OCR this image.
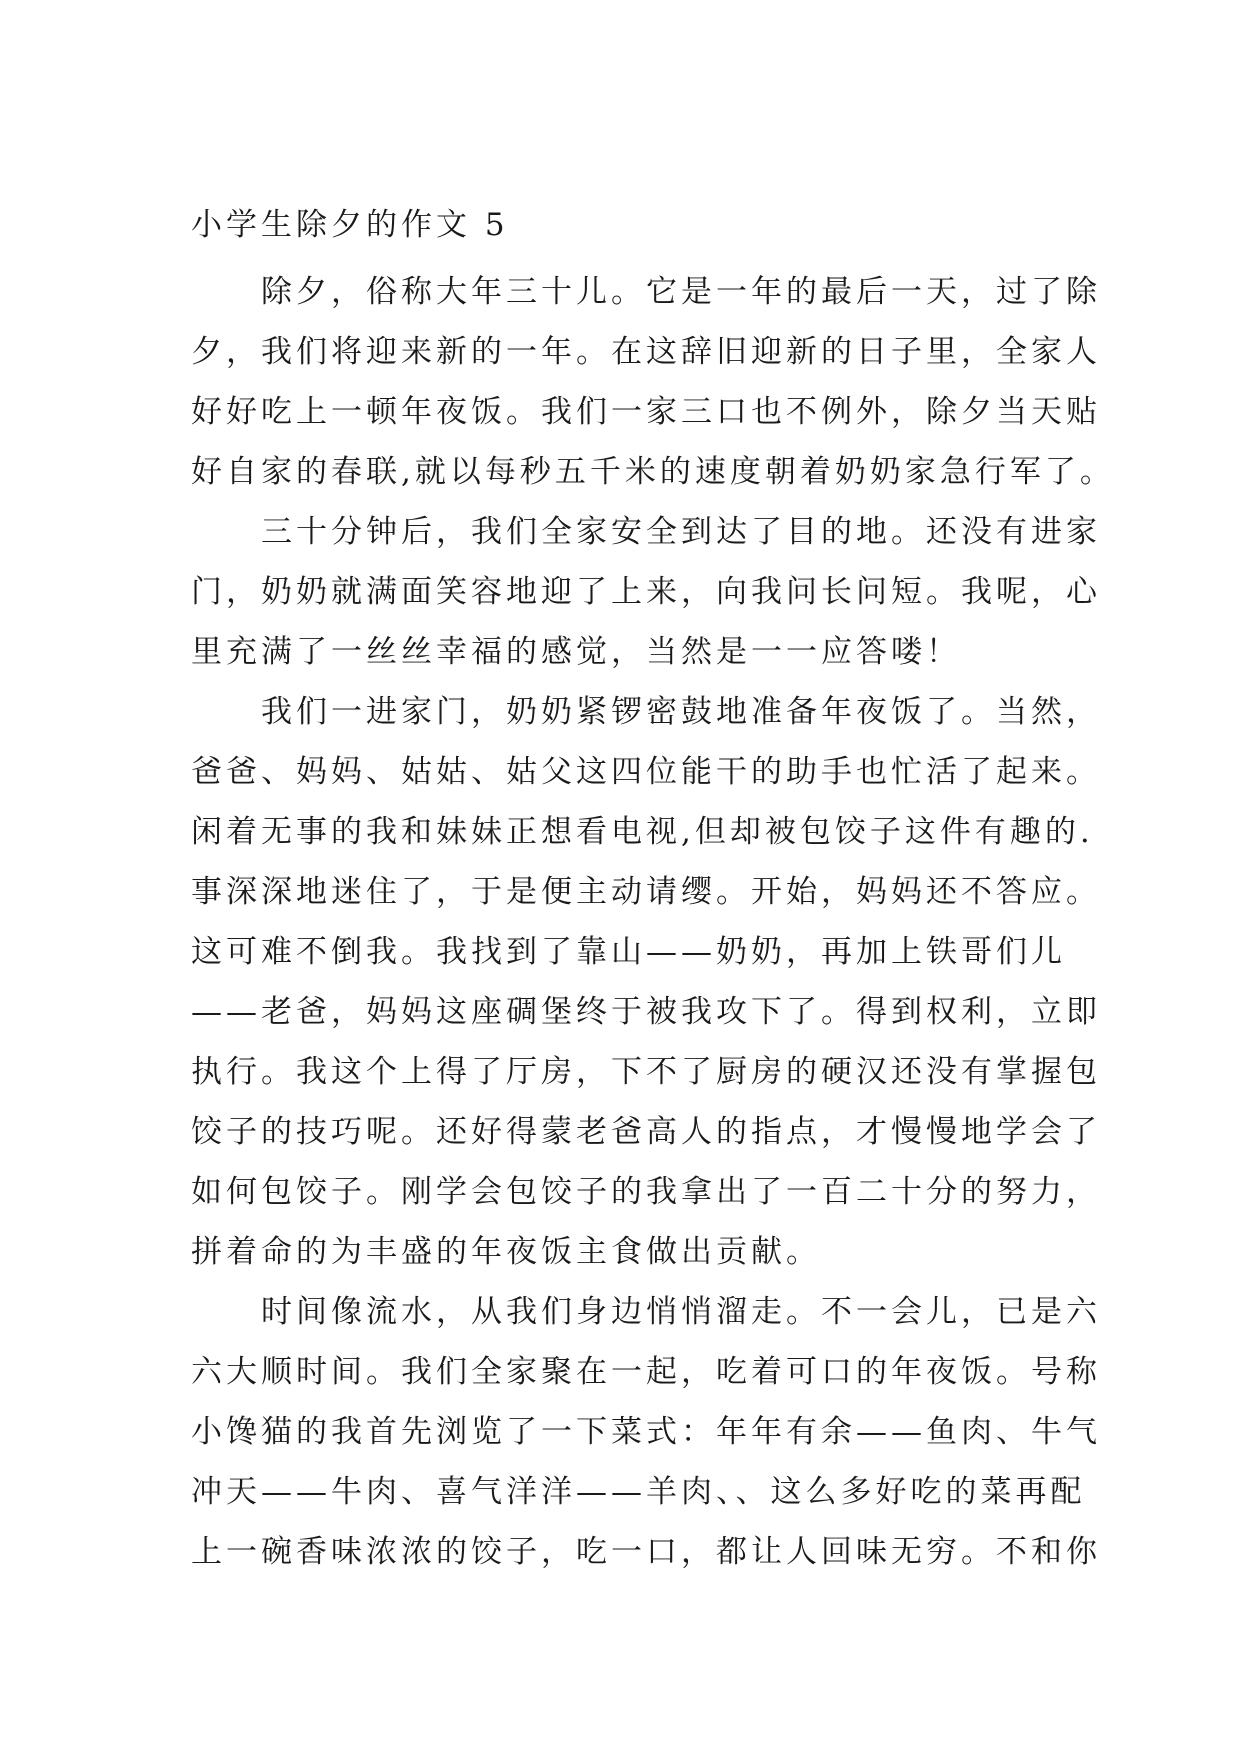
小学生除夕的作文 5
除夕，俗称大年三十儿。它是一年的最后一天，过了除
夕，我们将迎来新的一年。在这辞旧迎新的日子里，全家人
好好吃上一顿年夜饭。我们一家三口也不例外，除夕当天贴
好自家的春联,就以每秒五千米的速度朝着奶奶家急行军了。
三十分钟后，我们全家安全到达了目的地。还没有进家
门，奶奶就满面笑容地迎了上来，向我问长问短。我呢，心
里充满了一丝丝幸福的感觉，当然是一一应答喽！
我们一进家门，奶奶紧锣密鼓地准备年夜饭了。当然，
爸爸、妈妈、姑姑、姑父这四位能干的助手也忙活了起来。
闲着无事的我和妹妹正想看电视,但却被包饺子这件有趣的.
事深深地迷住了，于是便主动请缨。开始，妈妈还不答应。
这可难不倒我。我找到了靠山——奶奶，再加上铁哥们儿
——老爸，妈妈这座碉堡终于被我攻下了。得到权利，立即
执行。我这个上得了厅房，下不了厨房的硬汉还没有掌握包
饺子的技巧呢。还好得蒙老爸高人的指点，才慢慢地学会了
如何包饺子。刚学会包饺子的我拿出了一百二十分的努力，
拼着命的为丰盛的年夜饭主食做出贡献。
时间像流水，从我们身边悄悄溜走。不一会儿，已是六
六大顺时间。我们全家聚在一起，吃着可口的年夜饭。号称
小馋猫的我首先浏览了一下菜式：年年有余——鱼肉、牛气
冲天——牛肉、喜气洋洋——羊肉、、这么多好吃的菜再配
上一碗香味浓浓的饺子，吃一口，都让人回味无穷。不和你
